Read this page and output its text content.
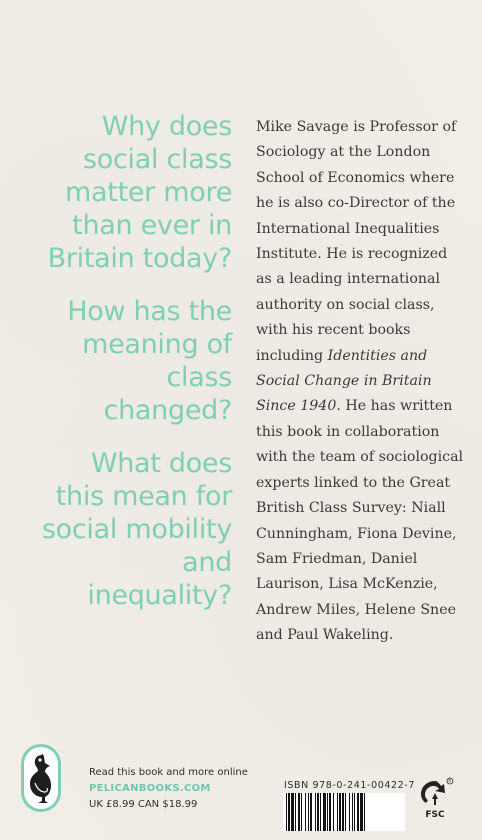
Why does social class matter more than ever in Britain today?

How has the meaning of class changed?

What does this mean for social mobility and inequality?

Mike Savage is Professor of Sociology at the London School of Economics where he is also co-Director of the International Inequalities Institute. He is recognized as a leading international authority on social class, with his recent books including Identities and Social Change in Britain Since 1940. He has written this book in collaboration with the team of sociological experts linked to the Great British Class Survey: Niall Cunningham, Fiona Devine, Sam Friedman, Daniel Laurison, Lisa McKenzie, Andrew Miles, Helene Snee and Paul Wakeling.
Read this book and more online
PELICANBOOKS.COM
UK £8.99 CAN $18.99
ISBN 978-0-241-00422-7	R
FSC
